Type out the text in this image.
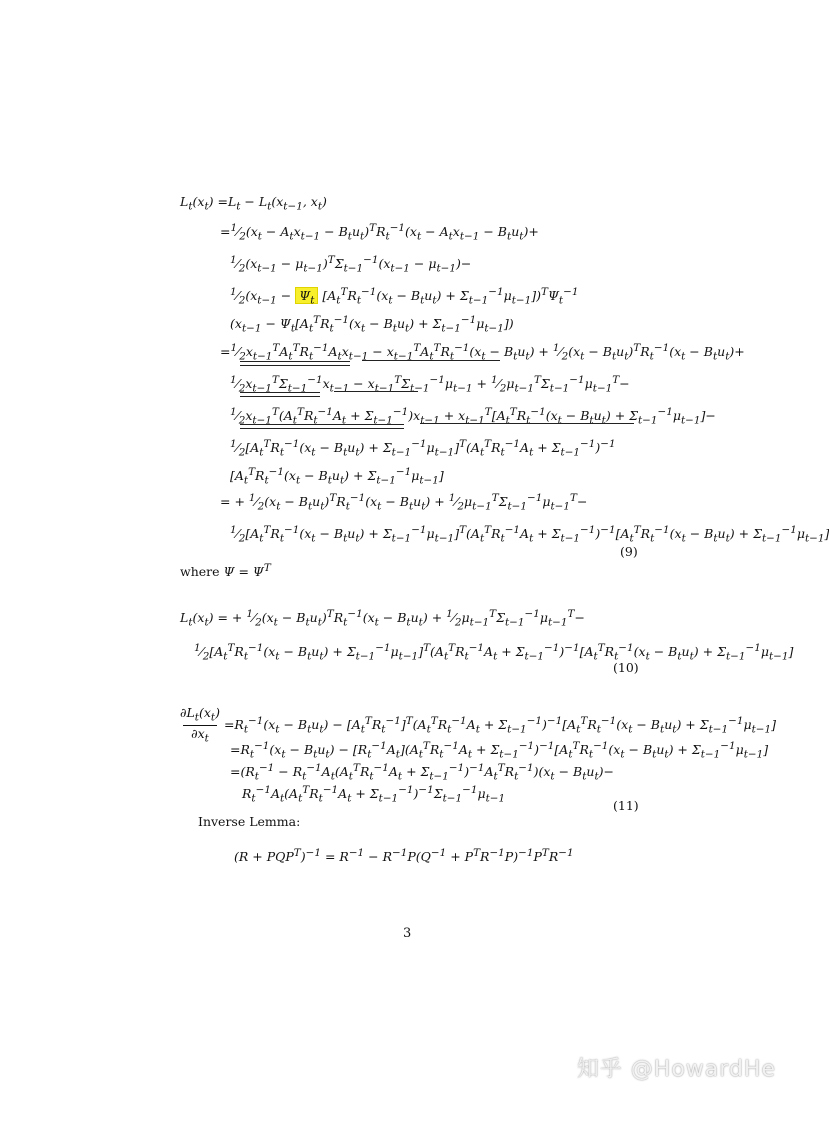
$L_t(x_t) =L_t - L_t(x_{t-1}$, $x_t$)
$=^1⁄_2(x_t - A_tx_{t-1} - B_tu_t)^TR_t^{-1}(x_t - A_tx_{t-1} - B_tu_t)+$
$^1⁄_2(x_{t-1} - \mu_{t-1})^T\Sigma_{t-1}^{-1}(x_{t-1} - \mu_{t-1})-$
$^1⁄_2(x_{t-1} - \Psi_t$ $[A_t^TR_t^{-1}(x_t - B_tu_t) + \Sigma_{t-1}^{-1}\mu_{t-1}])^T\Psi_t^{-1}$
$(x_{t-1} - \Psi_t[A_t^TR_t^{-1}(x_t - B_tu_t) + \Sigma_{t-1}^{-1}\mu_{t-1}])$
$=^1⁄_2x_{t-1}^TA_t^TR_t^{-1}A_tx_{t-1} - x_{t-1}^TA_t^TR_t^{-1}(x_t - B_tu_t)$ + $^1⁄_2(x_t - B_tu_t)^TR_t^{-1}(x_t - B_tu_t)+$
$^1⁄_2x_{t-1}^T\Sigma_{t-1}^{-1}x_{t-1} - x_{t-1}^T\Sigma_{t-1}^{-1}\mu_{t-1}$ + $^1⁄_2\mu_{t-1}^T\Sigma_{t-1}^{-1}\mu_{t-1}^T-$
$^1⁄_2x_{t-1}^T(A_t^TR_t^{-1}A_t + \Sigma_{t-1}^{-1})x_{t-1} + x_{t-1}^T[A_t^TR_t^{-1}(x_t - B_tu_t) + \Sigma_{t-1}^{-1}\mu_{t-1}]-$
$^1⁄_2[A_t^TR_t^{-1}(x_t - B_tu_t) + \Sigma_{t-1}^{-1}\mu_{t-1}]^T(A_t^TR_t^{-1}A_t + \Sigma_{t-1}^{-1})^{-1}$
$[A_t^TR_t^{-1}(x_t - B_tu_t) + \Sigma_{t-1}^{-1}\mu_{t-1}]$
= + $^1⁄_2(x_t - B_tu_t)^TR_t^{-1}(x_t - B_tu_t)$ + $^1⁄_2\mu_{t-1}^T\Sigma_{t-1}^{-1}\mu_{t-1}^T-$
$^1⁄_2[A_t^TR_t^{-1}(x_t - B_tu_t) + \Sigma_{t-1}^{-1}\mu_{t-1}]^T(A_t^TR_t^{-1}A_t + \Sigma_{t-1}^{-1})^{-1}[A_t^TR_t^{-1}(x_t - B_tu_t) + \Sigma_{t-1}^{-1}\mu_{t-1}]$
(9)
where $\Psi = \Psi^T$
$L_t(x_t)$ = + $^1⁄_2(x_t - B_tu_t)^TR_t^{-1}(x_t - B_tu_t)$ + $^1⁄_2\mu_{t-1}^T\Sigma_{t-1}^{-1}\mu_{t-1}^T-$
$^1⁄_2[A_t^TR_t^{-1}(x_t - B_tu_t) + \Sigma_{t-1}^{-1}\mu_{t-1}]^T(A_t^TR_t^{-1}A_t + \Sigma_{t-1}^{-1})^{-1}[A_t^TR_t^{-1}(x_t - B_tu_t) + \Sigma_{t-1}^{-1}\mu_{t-1}]$
(10)
$\partial L_t(x_t)$
$\partial x_t =R_t^{-1}(x_t - B_tu_t) - [A_t^TR_t^{-1}]^T(A_t^TR_t^{-1}A_t + \Sigma_{t-1}^{-1})^{-1}[A_t^TR_t^{-1}(x_t - B_tu_t) + \Sigma_{t-1}^{-1}\mu_{t-1}]$
$=R_t^{-1}(x_t - B_tu_t) - [R_t^{-1}A_t](A_t^TR_t^{-1}A_t + \Sigma_{t-1}^{-1})^{-1}[A_t^TR_t^{-1}(x_t - B_tu_t) + \Sigma_{t-1}^{-1}\mu_{t-1}]$
$=(R_t^{-1} - R_t^{-1}A_t(A_t^TR_t^{-1}A_t + \Sigma_{t-1}^{-1})^{-1}A_t^TR_t^{-1})(x_t - B_tu_t)-$
$R_t^{-1}A_t(A_t^TR_t^{-1}A_t + \Sigma_{t-1}^{-1})^{-1}\Sigma_{t-1}^{-1}\mu_{t-1}$	(11)
Inverse Lemma:
$(R + PQP^T)^{-1} = R^{-1} - R^{-1}P(Q^{-1} + P^TR^{-1}P)^{-1}P^TR^{-1}$
3
知乎 @HowardHe
